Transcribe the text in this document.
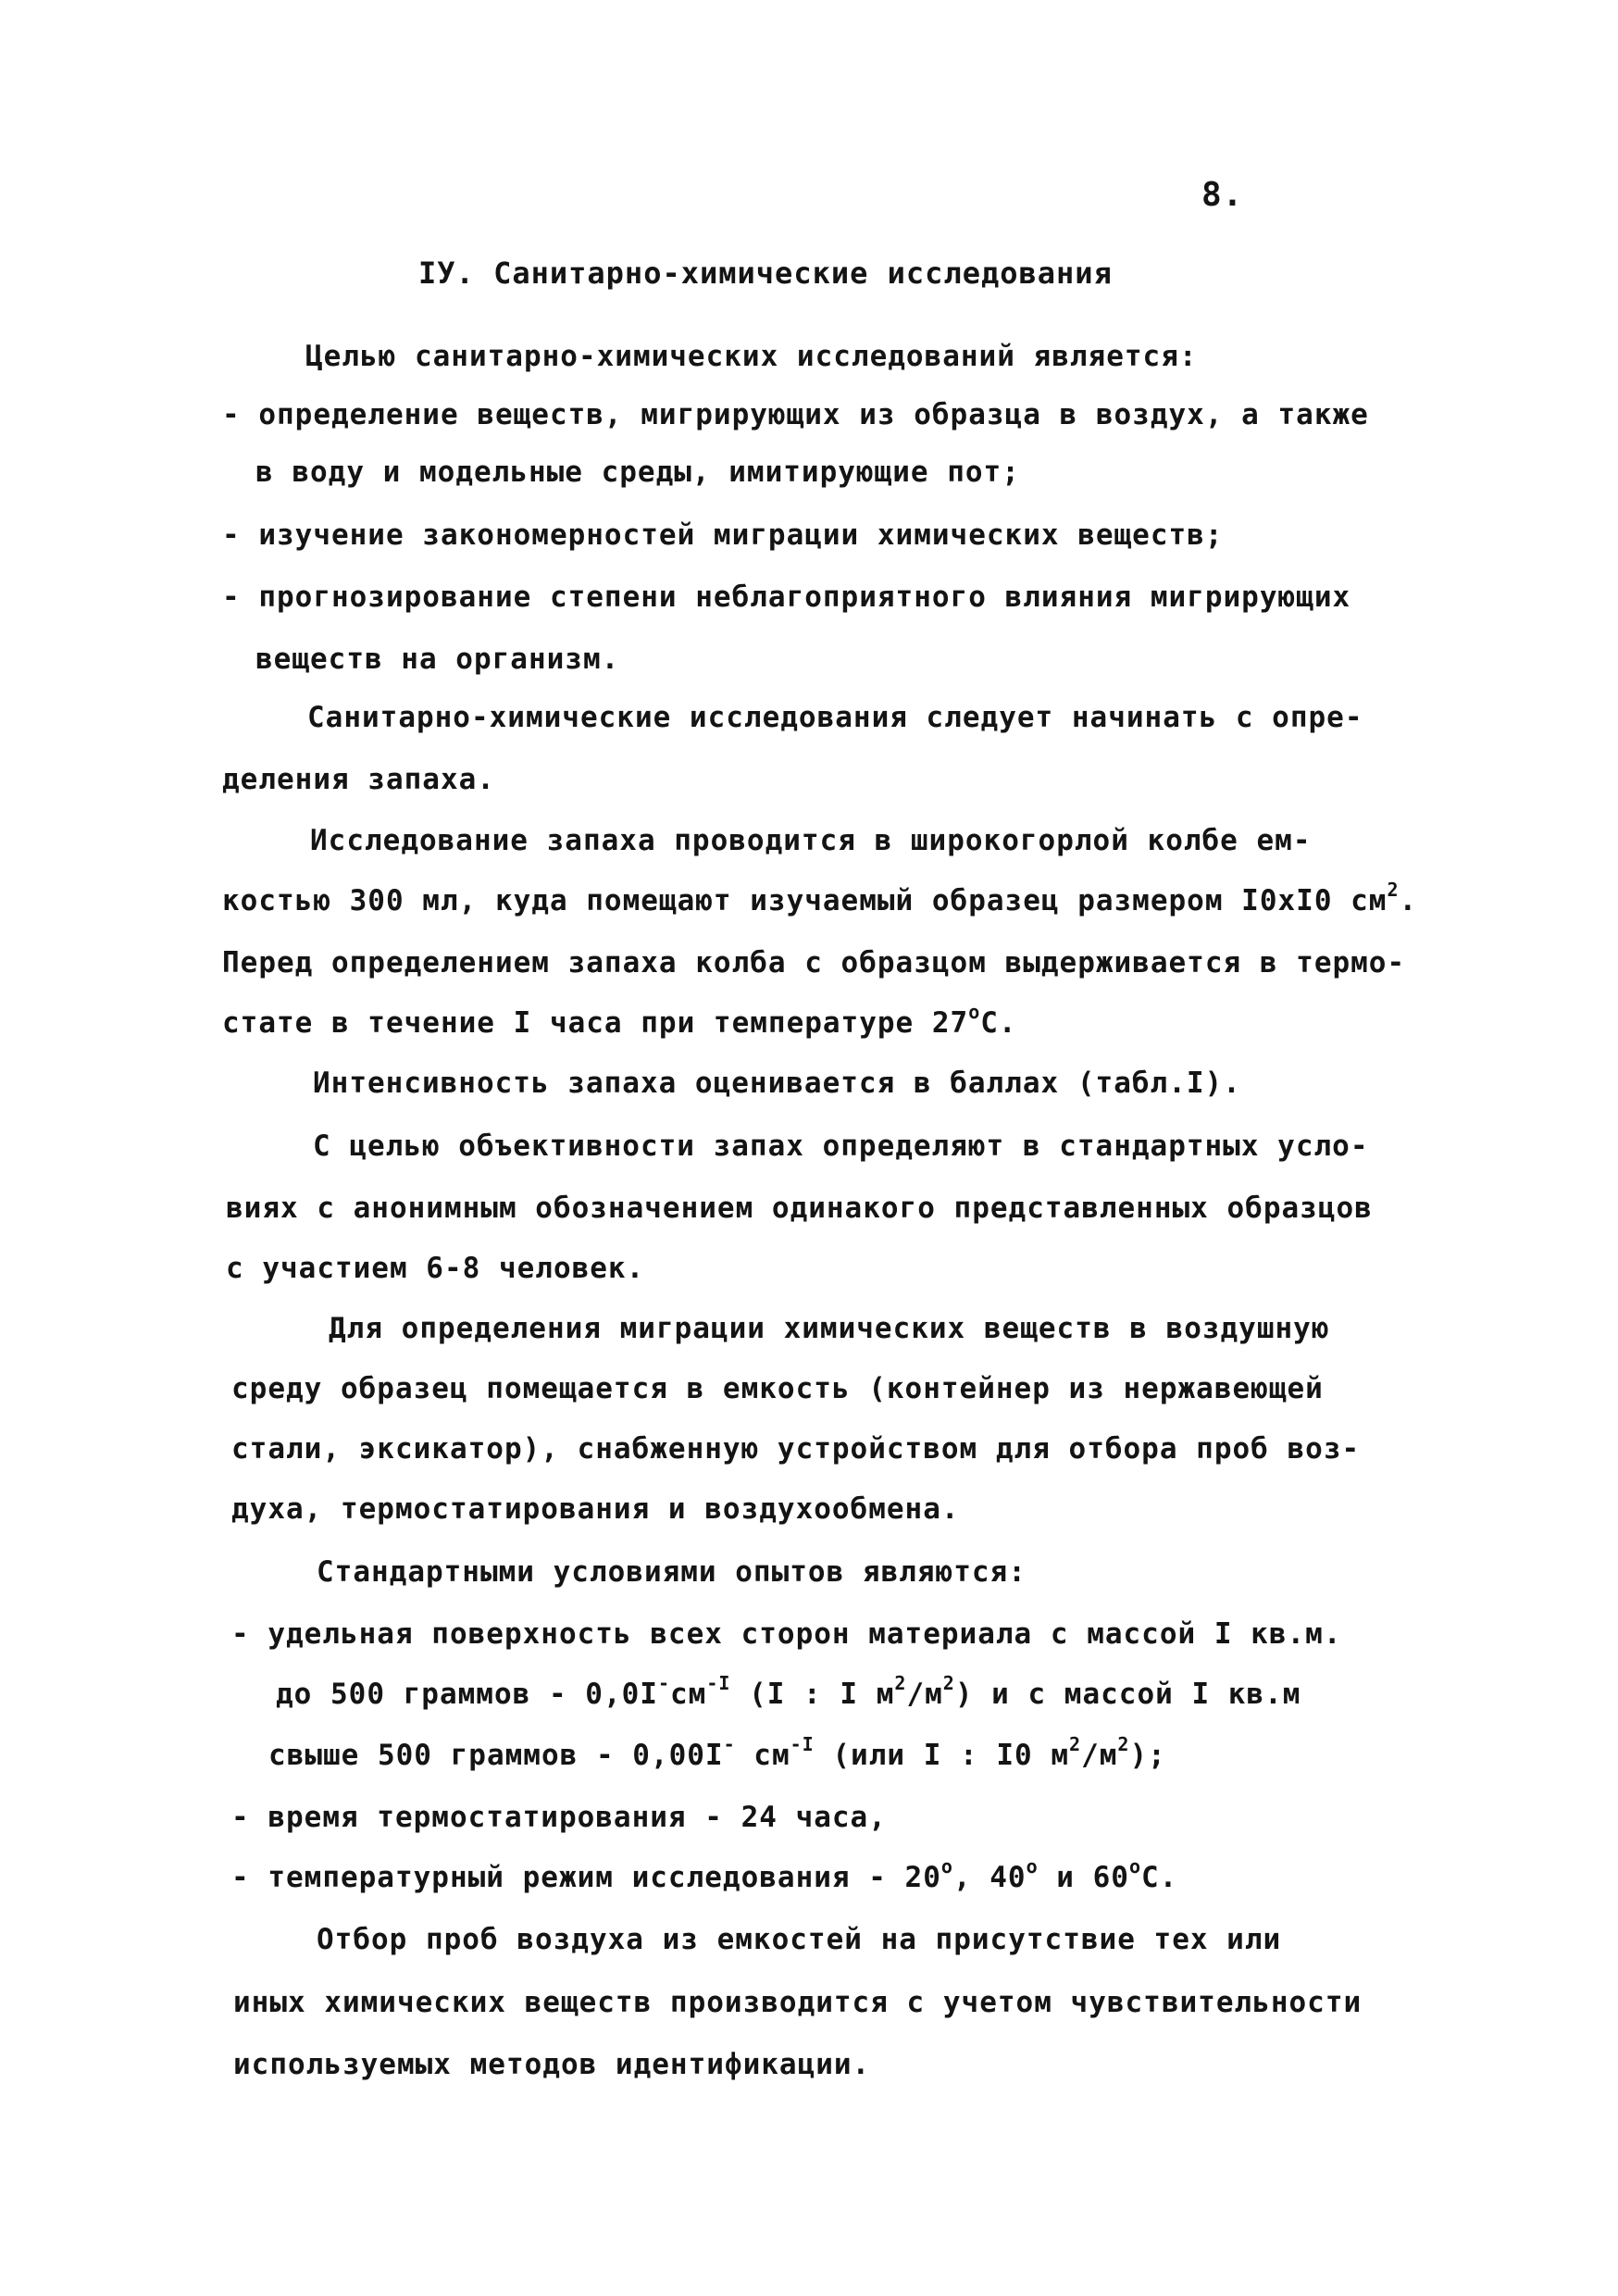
8.
IУ. Санитарно-химические исследования
Целью санитарно-химических исследований является:
- определение веществ, мигрирующих из образца в воздух, а также
в воду и модельные среды, имитирующие пот;
- изучение закономерностей миграции химических веществ;
- прогнозирование степени неблагоприятного влияния мигрирующих
веществ на организм.
Санитарно-химические исследования следует начинать с опре-
деления запаха.
Исследование запаха проводится в широкогорлой колбе ем-
костью 300 мл, куда помещают изучаемый образец размером I0хI0 $см^2$.
Перед определением запаха колба с образцом выдерживается в термо-
стате в течение I часа при температуре $27^оС$.
Интенсивность запаха оценивается в баллах (табл.I).
С целью объективности запах определяют в стандартных усло-
виях с анонимным обозначением одинакого представленных образцов
с участием 6-8 человек.
Для определения миграции химических веществ в воздушную
среду образец помещается в емкость (контейнер из нержавеющей
стали, эксикатор), снабженную устройством для отбора проб воз-
духа, термостатирования и воздухообмена.
Стандартными условиями опытов являются:
- удельная поверхность всех сторон материала с массой I кв.м.
до 500 граммов - $0,0I^-см^{-I}$ (I : I $м^2/м^2$) и с массой I кв.м
свыше 500 граммов - 0,00I- $см^{-I}$ (или I : I0 $м^2/м^2$);
- время термостатирования - 24 часа,
- температурный режим исследования - $20^о$, $40^о$ и $60^оС$.
Отбор проб воздуха из емкостей на присутствие тех или
иных химических веществ производится с учетом чувствительности
используемых методов идентификации.
